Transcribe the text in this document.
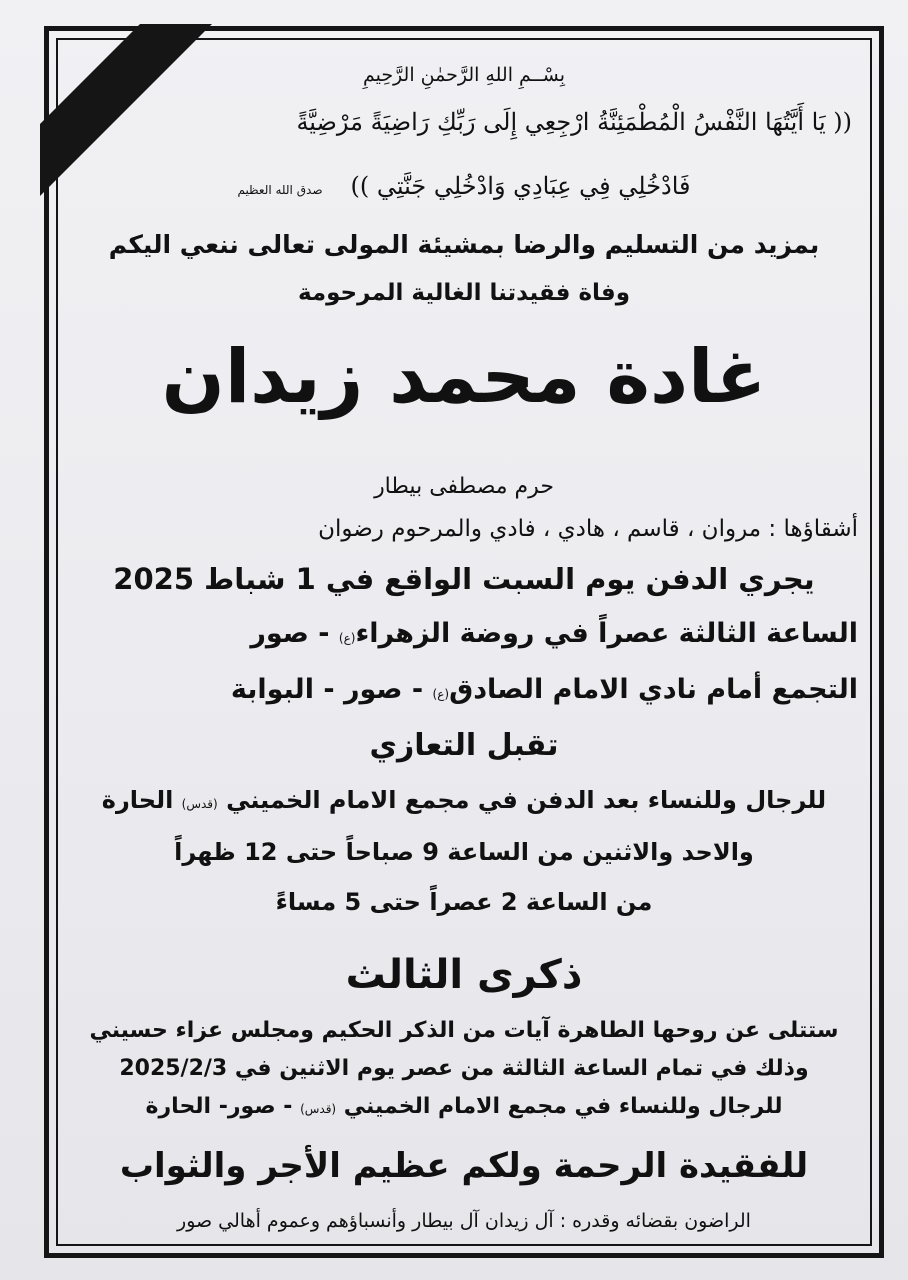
بِسْــمِ اللهِ الرَّحمٰنِ الرَّحِيمِ
(( يَا أَيَّتُهَا النَّفْسُ الْمُطْمَئِنَّةُ ارْجِعِي إِلَى رَبِّكِ رَاضِيَةً مَرْضِيَّةً
فَادْخُلِي فِي عِبَادِي وَادْخُلِي جَنَّتِي ))صدق الله العظيم
بمزيد من التسليم والرضا بمشيئة المولى تعالى ننعي اليكم
وفاة فقيدتنا الغالية المرحومة
غادة محمد زيدان
حرم مصطفى بيطار
أشقاؤها : مروان ، قاسم ، هادي ، فادي والمرحوم رضوان
يجري الدفن يوم السبت الواقع في 1 شباط 2025
الساعة الثالثة عصراً في روضة الزهراء(ع) - صور
التجمع أمام نادي الامام الصادق(ع) - صور - البوابة
تقبل التعازي
للرجال وللنساء بعد الدفن في مجمع الامام الخميني (قدس) الحارة
والاحد والاثنين من الساعة 9 صباحاً حتى 12 ظهراً
من الساعة 2 عصراً حتى 5 مساءً
ذكرى الثالث
ستتلى عن روحها الطاهرة آيات من الذكر الحكيم ومجلس عزاء حسيني
وذلك في تمام الساعة الثالثة من عصر يوم الاثنين في 2025/2/3
للرجال وللنساء في مجمع الامام الخميني (قدس) - صور- الحارة
للفقيدة الرحمة ولكم عظيم الأجر والثواب
الراضون بقضائه وقدره : آل زيدان آل بيطار وأنسباؤهم وعموم أهالي صور
